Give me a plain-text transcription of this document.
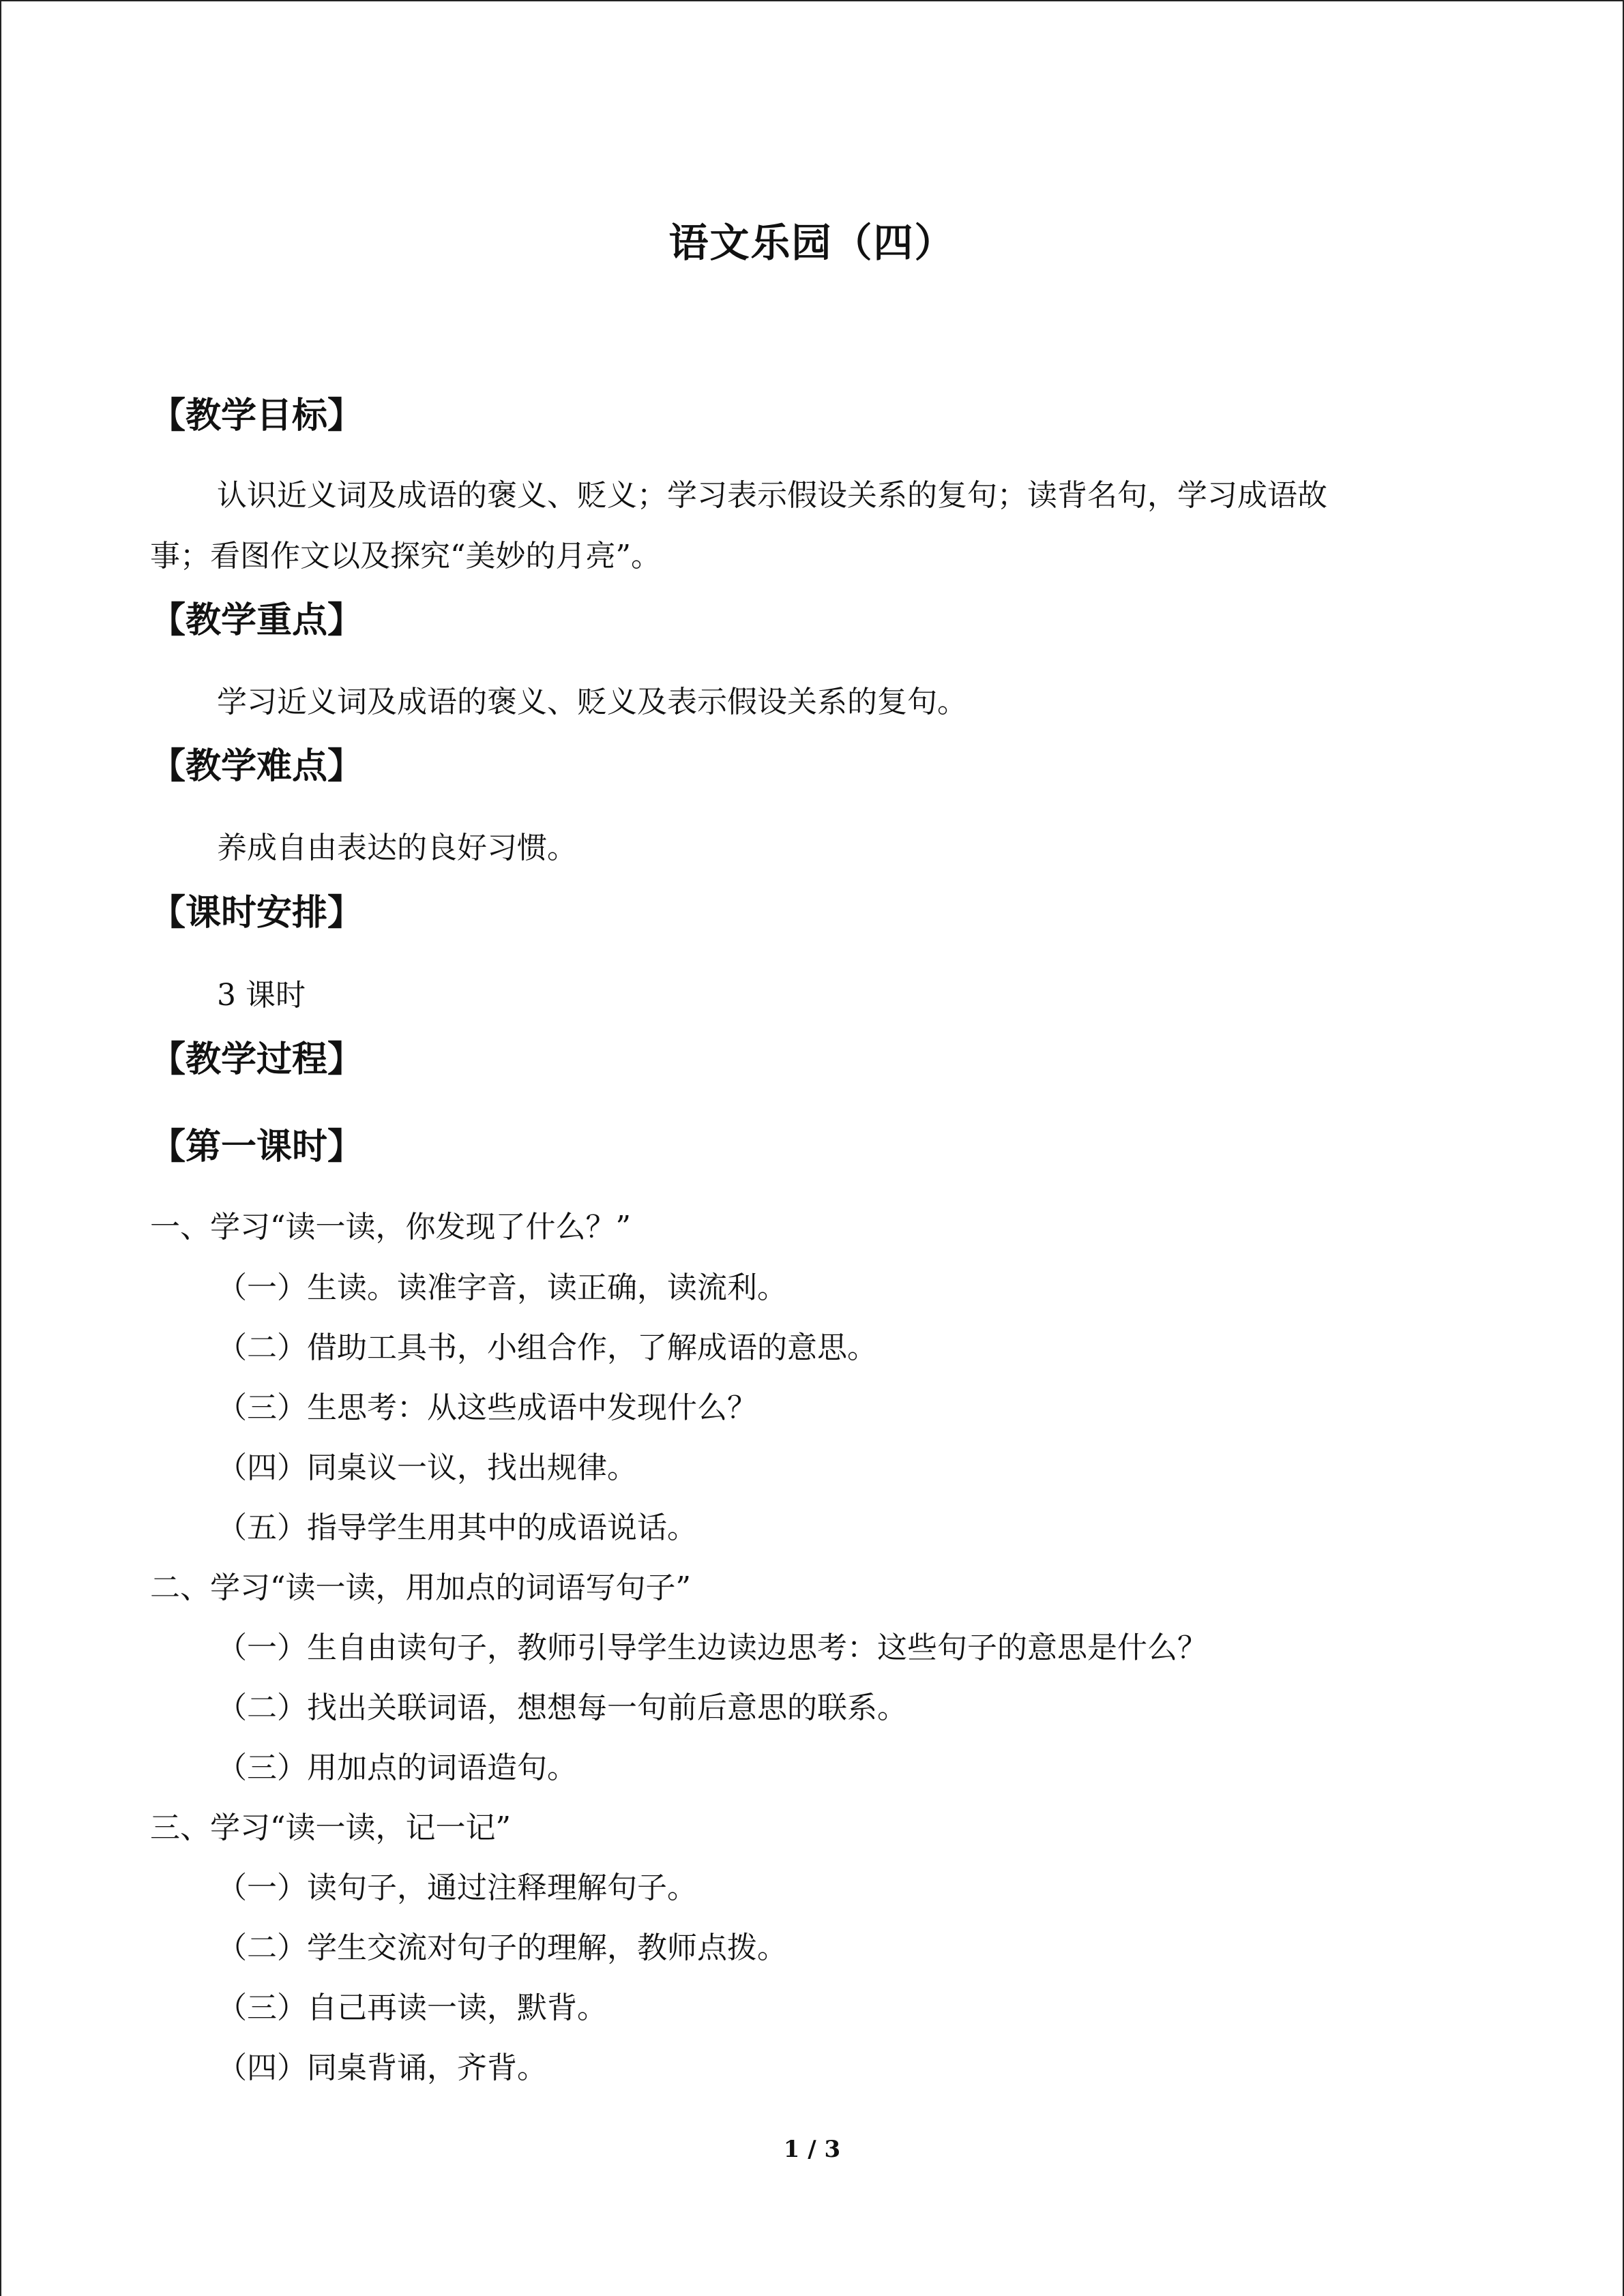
语文乐园（四）
【教学目标】
认识近义词及成语的褒义、贬义；学习表示假设关系的复句；读背名句，学习成语故
事；看图作文以及探究“美妙的月亮”。
【教学重点】
学习近义词及成语的褒义、贬义及表示假设关系的复句。
【教学难点】
养成自由表达的良好习惯。
【课时安排】
3 课时
【教学过程】
【第一课时】
一、学习“读一读，你发现了什么？”
（一）生读。读准字音，读正确，读流利。
（二）借助工具书，小组合作，了解成语的意思。
（三）生思考：从这些成语中发现什么？
（四）同桌议一议，找出规律。
（五）指导学生用其中的成语说话。
二、学习“读一读，用加点的词语写句子”
（一）生自由读句子，教师引导学生边读边思考：这些句子的意思是什么？
（二）找出关联词语，想想每一句前后意思的联系。
（三）用加点的词语造句。
三、学习“读一读，记一记”
（一）读句子，通过注释理解句子。
（二）学生交流对句子的理解，教师点拨。
（三）自己再读一读，默背。
（四）同桌背诵，齐背。
1 / 3
